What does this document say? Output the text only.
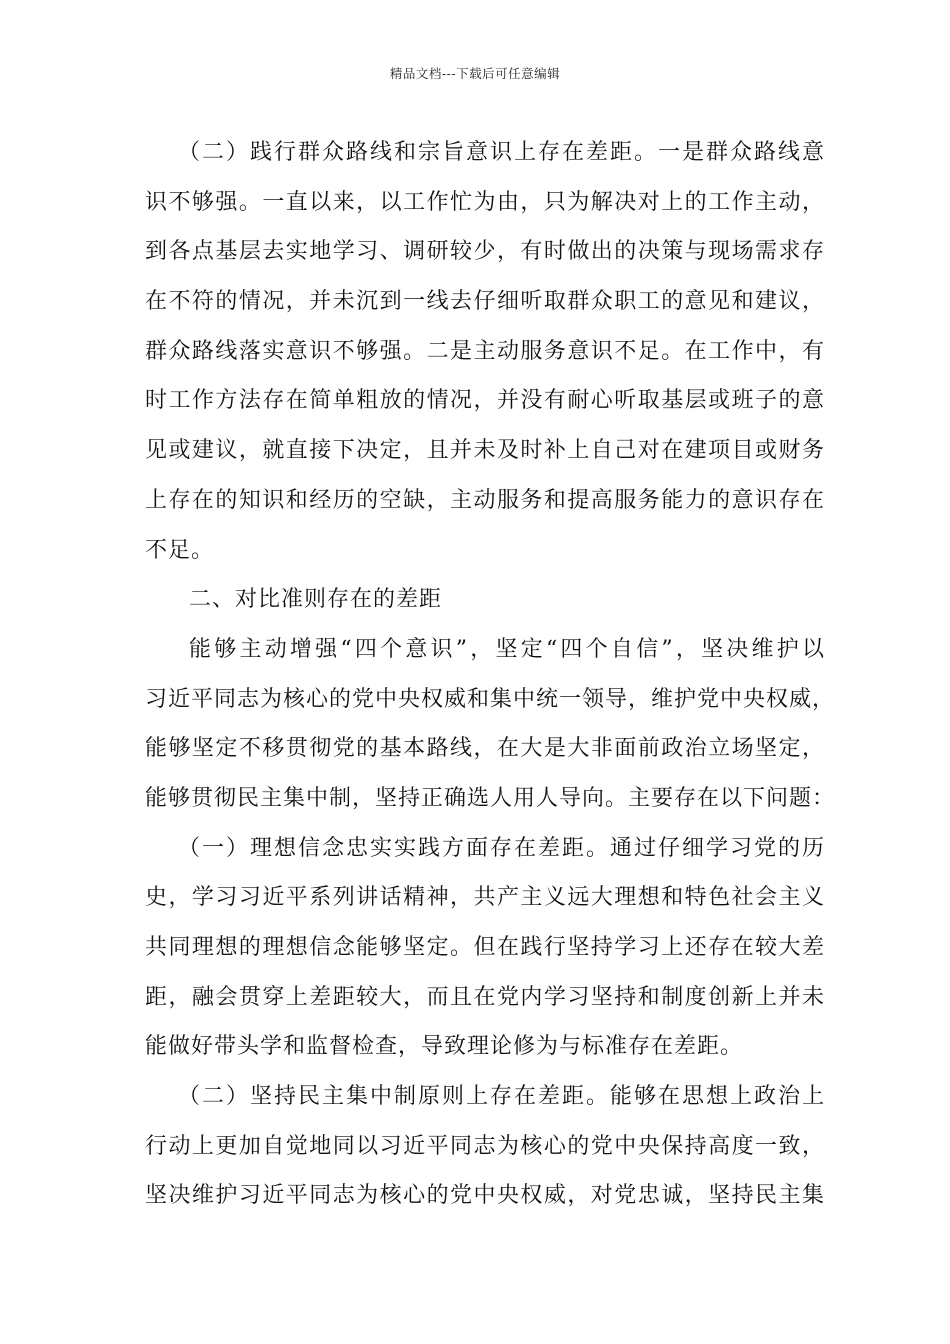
精品文档---下载后可任意编辑
（二）践行群众路线和宗旨意识上存在差距。一是群众路线意
识不够强。一直以来，以工作忙为由，只为解决对上的工作主动，
到各点基层去实地学习、调研较少，有时做出的决策与现场需求存
在不符的情况，并未沉到一线去仔细听取群众职工的意见和建议，
群众路线落实意识不够强。二是主动服务意识不足。在工作中，有
时工作方法存在简单粗放的情况，并没有耐心听取基层或班子的意
见或建议，就直接下决定，且并未及时补上自己对在建项目或财务
上存在的知识和经历的空缺，主动服务和提高服务能力的意识存在
不足。
二、对比准则存在的差距
能够主动增强“四个意识”，坚定“四个自信”，坚决维护以
习近平同志为核心的党中央权威和集中统一领导，维护党中央权威，
能够坚定不移贯彻党的基本路线，在大是大非面前政治立场坚定，
能够贯彻民主集中制，坚持正确选人用人导向。主要存在以下问题：
（一）理想信念忠实实践方面存在差距。通过仔细学习党的历
史，学习习近平系列讲话精神，共产主义远大理想和特色社会主义
共同理想的理想信念能够坚定。但在践行坚持学习上还存在较大差
距，融会贯穿上差距较大，而且在党内学习坚持和制度创新上并未
能做好带头学和监督检查，导致理论修为与标准存在差距。
（二）坚持民主集中制原则上存在差距。能够在思想上政治上
行动上更加自觉地同以习近平同志为核心的党中央保持高度一致，
坚决维护习近平同志为核心的党中央权威，对党忠诚，坚持民主集
